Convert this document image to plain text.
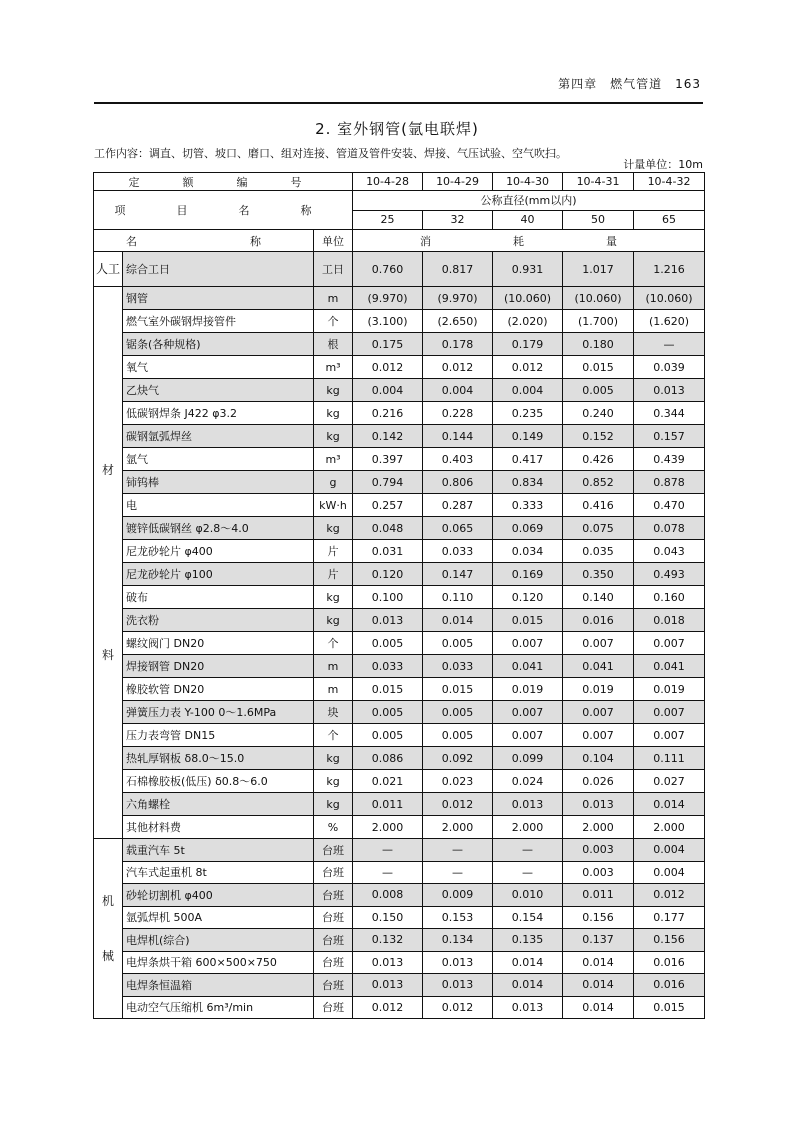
第四章　燃气管道　163
2. 室外钢管(氩电联焊)
工作内容：调直、切管、坡口、磨口、组对连接、管道及管件安装、焊接、气压试验、空气吹扫。
计量单位：10m
定　额　编　号			10-4-28	10-4-29	10-4-30	10-4-31	10-4-32
项　目　名　称			公称直径(mm以内)				
			25	32	40	50	65
名　　　称		单位	消　　耗　　量				
人工	综合工日	工日	0.760	0.817	0.931	1.017	1.216

材
料	钢管	m	(9.970)	(9.970)	(10.060)	(10.060)	(10.060)
	燃气室外碳钢焊接管件	个	(3.100)	(2.650)	(2.020)	(1.700)	(1.620)
	锯条(各种规格)	根	0.175	0.178	0.179	0.180	—
	氧气	m³	0.012	0.012	0.012	0.015	0.039
	乙炔气	kg	0.004	0.004	0.004	0.005	0.013
	低碳钢焊条 J422 φ3.2	kg	0.216	0.228	0.235	0.240	0.344
	碳钢氩弧焊丝	kg	0.142	0.144	0.149	0.152	0.157
	氩气	m³	0.397	0.403	0.417	0.426	0.439
	铈钨棒	g	0.794	0.806	0.834	0.852	0.878
	电	kW·h	0.257	0.287	0.333	0.416	0.470
	镀锌低碳钢丝 φ2.8～4.0	kg	0.048	0.065	0.069	0.075	0.078
	尼龙砂轮片 φ400	片	0.031	0.033	0.034	0.035	0.043
	尼龙砂轮片 φ100	片	0.120	0.147	0.169	0.350	0.493
	破布	kg	0.100	0.110	0.120	0.140	0.160
	洗衣粉	kg	0.013	0.014	0.015	0.016	0.018
	螺纹阀门 DN20	个	0.005	0.005	0.007	0.007	0.007
	焊接钢管 DN20	m	0.033	0.033	0.041	0.041	0.041
	橡胶软管 DN20	m	0.015	0.015	0.019	0.019	0.019
	弹簧压力表 Y-100 0～1.6MPa	块	0.005	0.005	0.007	0.007	0.007
	压力表弯管 DN15	个	0.005	0.005	0.007	0.007	0.007
	热轧厚钢板 δ8.0～15.0	kg	0.086	0.092	0.099	0.104	0.111
	石棉橡胶板(低压) δ0.8～6.0	kg	0.021	0.023	0.024	0.026	0.027
	六角螺栓	kg	0.011	0.012	0.013	0.013	0.014
	其他材料费	%	2.000	2.000	2.000	2.000	2.000

机
械	载重汽车 5t	台班	—	—	—	0.003	0.004
	汽车式起重机 8t	台班	—	—	—	0.003	0.004
	砂轮切割机 φ400	台班	0.008	0.009	0.010	0.011	0.012
	氩弧焊机 500A	台班	0.150	0.153	0.154	0.156	0.177
	电焊机(综合)	台班	0.132	0.134	0.135	0.137	0.156
	电焊条烘干箱 600×500×750	台班	0.013	0.013	0.014	0.014	0.016
	电焊条恒温箱	台班	0.013	0.013	0.014	0.014	0.016
	电动空气压缩机 6m³/min	台班	0.012	0.012	0.013	0.014	0.015
